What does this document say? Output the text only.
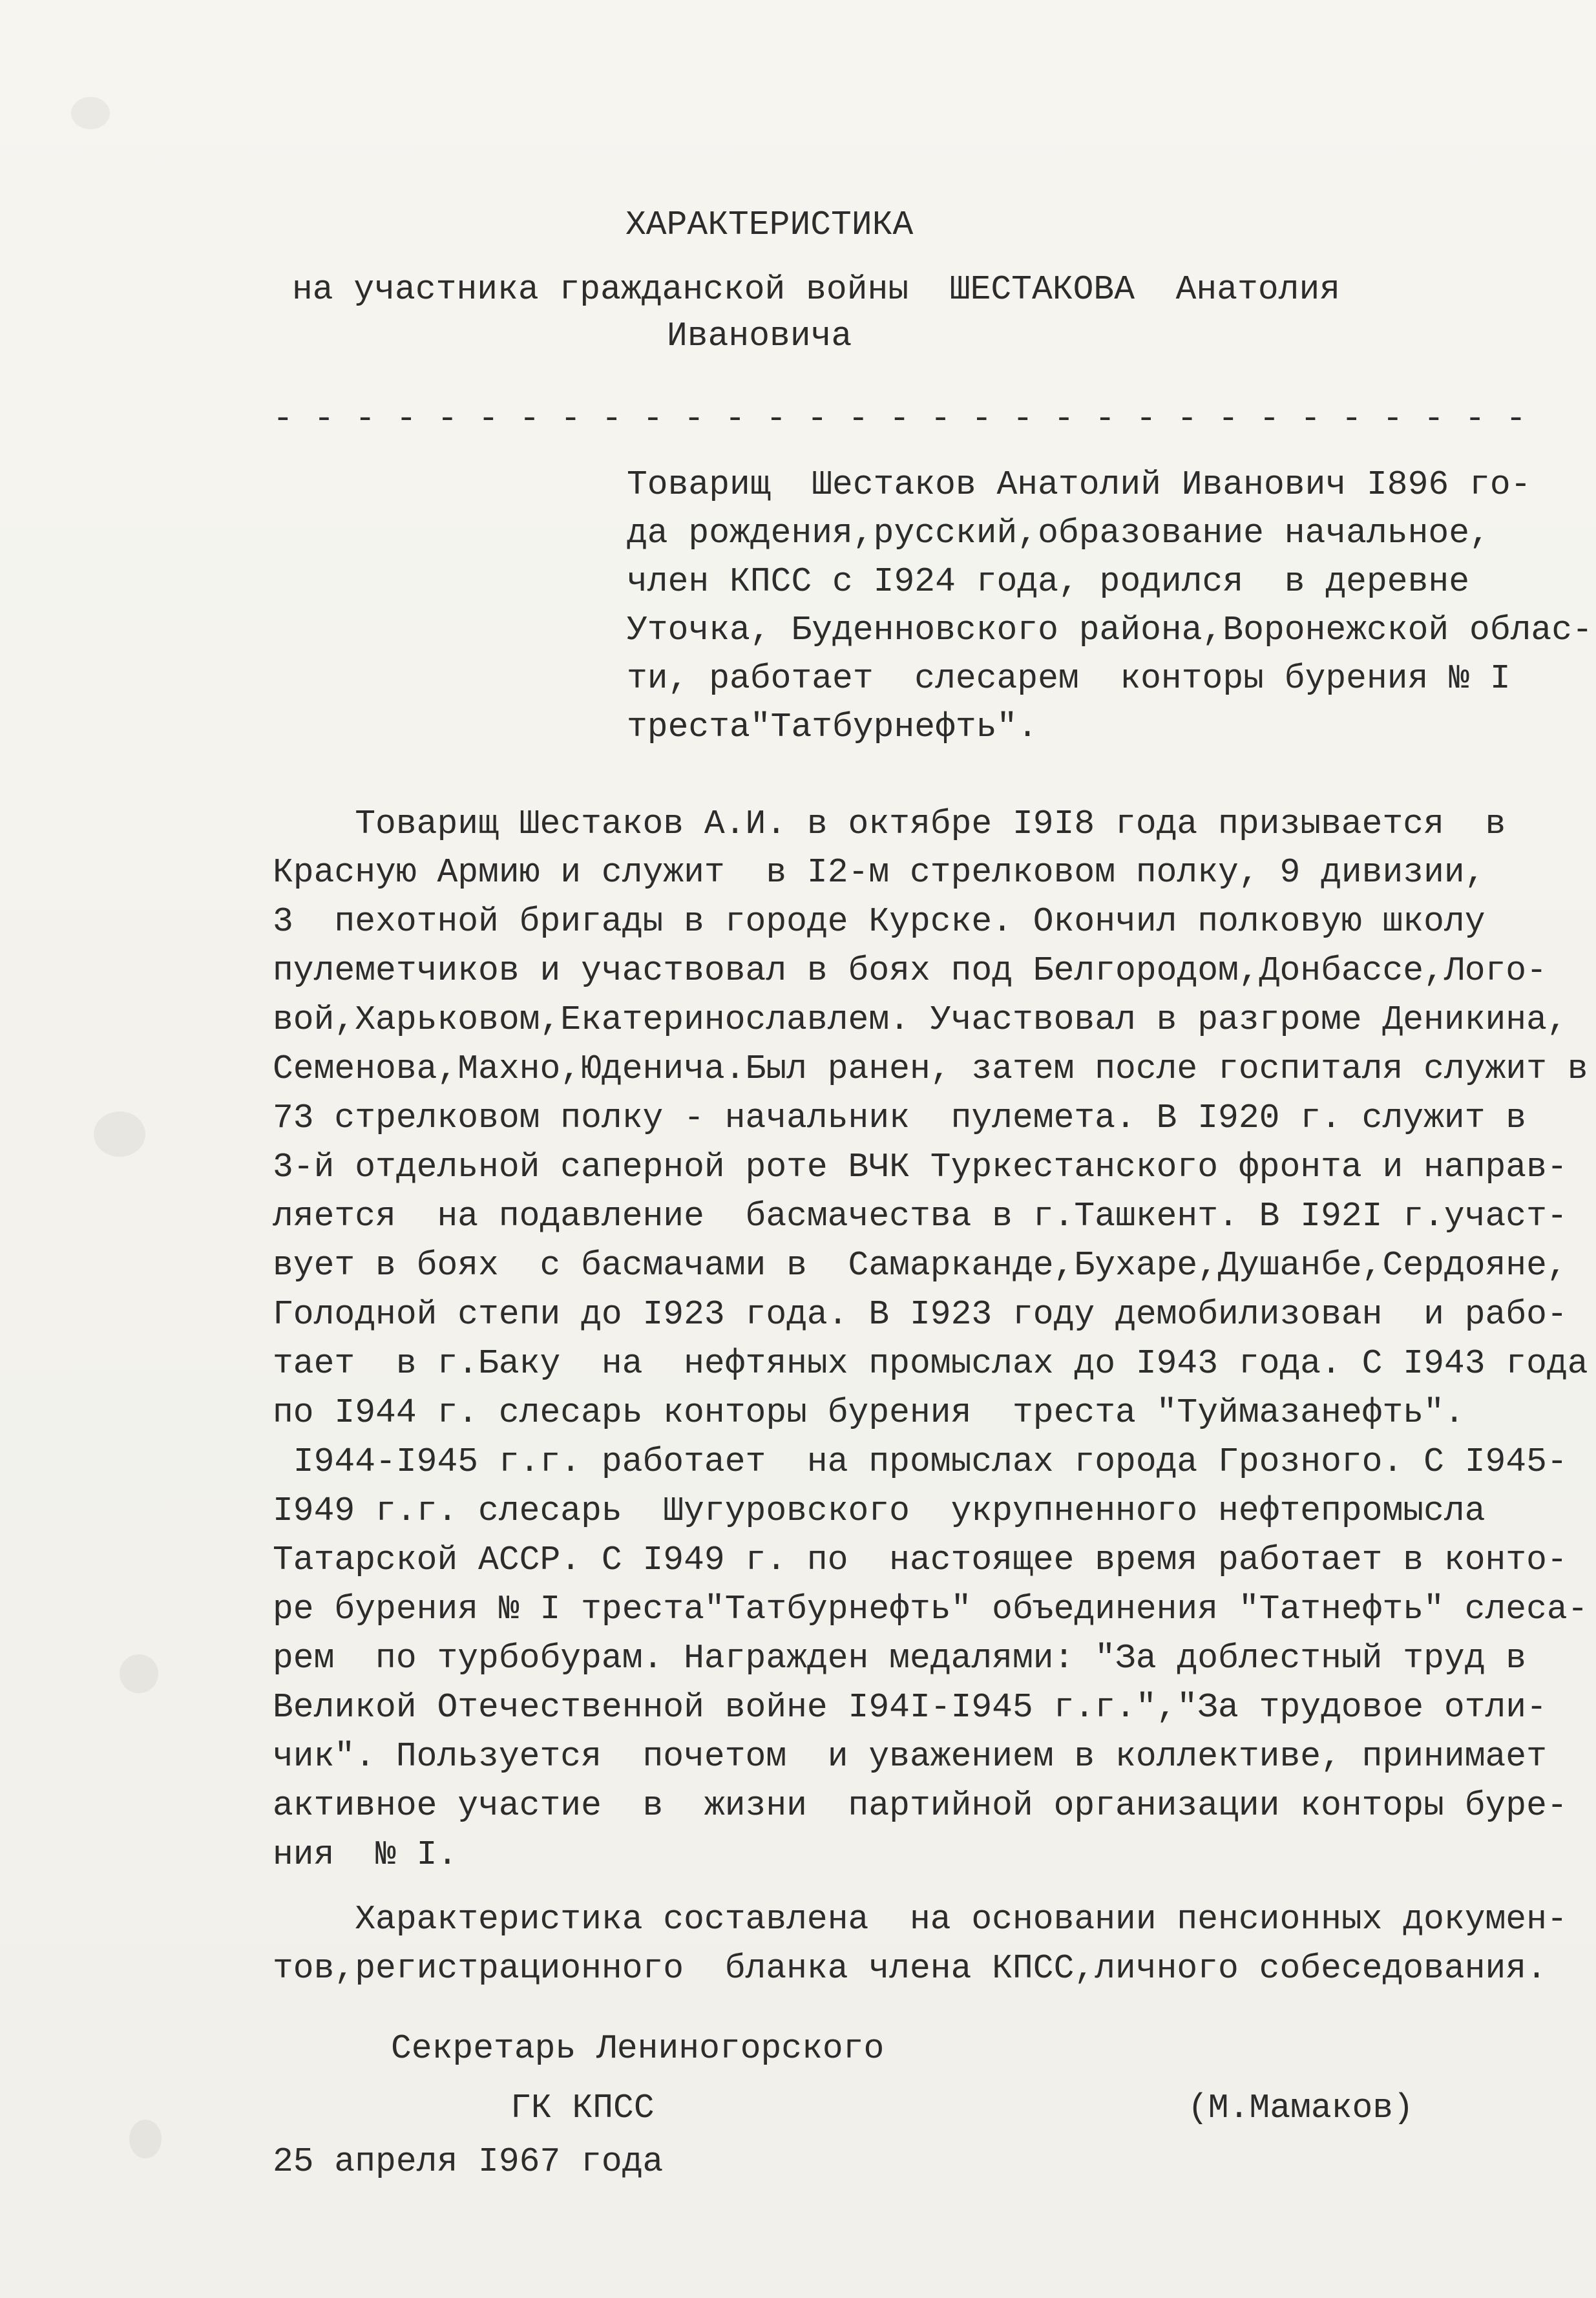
ХАРАКТЕРИСТИКА
на участника гражданской войны  ШЕСТАКОВА  Анатолия
Ивановича
- - - - - - - - - - - - - - - - - - - - - - - - - - - - - - -
Товарищ  Шестаков Анатолий Иванович I896 го-
да рождения,русский,образование начальное,
член КПСС с I924 года, родился  в деревне
Уточка, Буденновского района,Воронежской облас-
ти, работает  слесарем  конторы бурения № I
треста"Татбурнефть".
Товарищ Шестаков А.И. в октябре I9I8 года призывается  в
Красную Армию и служит  в I2-м стрелковом полку, 9 дивизии,
3  пехотной бригады в городе Курске. Окончил полковую школу
пулеметчиков и участвовал в боях под Белгородом,Донбассе,Лого-
вой,Харьковом,Екатеринославлем. Участвовал в разгроме Деникина,
Семенова,Махно,Юденича.Был ранен, затем после госпиталя служит в
73 стрелковом полку - начальник  пулемета. В I920 г. служит в
3-й отдельной саперной роте ВЧК Туркестанского фронта и направ-
ляется  на подавление  басмачества в г.Ташкент. В I92I г.участ-
вует в боях  с басмачами в  Самарканде,Бухаре,Душанбе,Сердояне,
Голодной степи до I923 года. В I923 году демобилизован  и рабо-
тает  в г.Баку  на  нефтяных промыслах до I943 года. С I943 года
по I944 г. слесарь конторы бурения  треста "Туймазанефть".
I944-I945 г.г. работает  на промыслах города Грозного. С I945-
I949 г.г. слесарь  Шугуровского  укрупненного нефтепромысла
Татарской АССР. С I949 г. по  настоящее время работает в конто-
ре бурения № I треста"Татбурнефть" объединения "Татнефть" слеса-
рем  по турбобурам. Награжден медалями: "За доблестный труд в
Великой Отечественной войне I94I-I945 г.г.","За трудовое отли-
чик". Пользуется  почетом  и уважением в коллективе, принимает
активное участие  в  жизни  партийной организации конторы буре-
ния  № I.
Характеристика составлена  на основании пенсионных докумен-
тов,регистрационного  бланка члена КПСС,личного собеседования.
Секретарь Лениногорского
ГК КПСС	(М.Мамаков)
25 апреля I967 года
